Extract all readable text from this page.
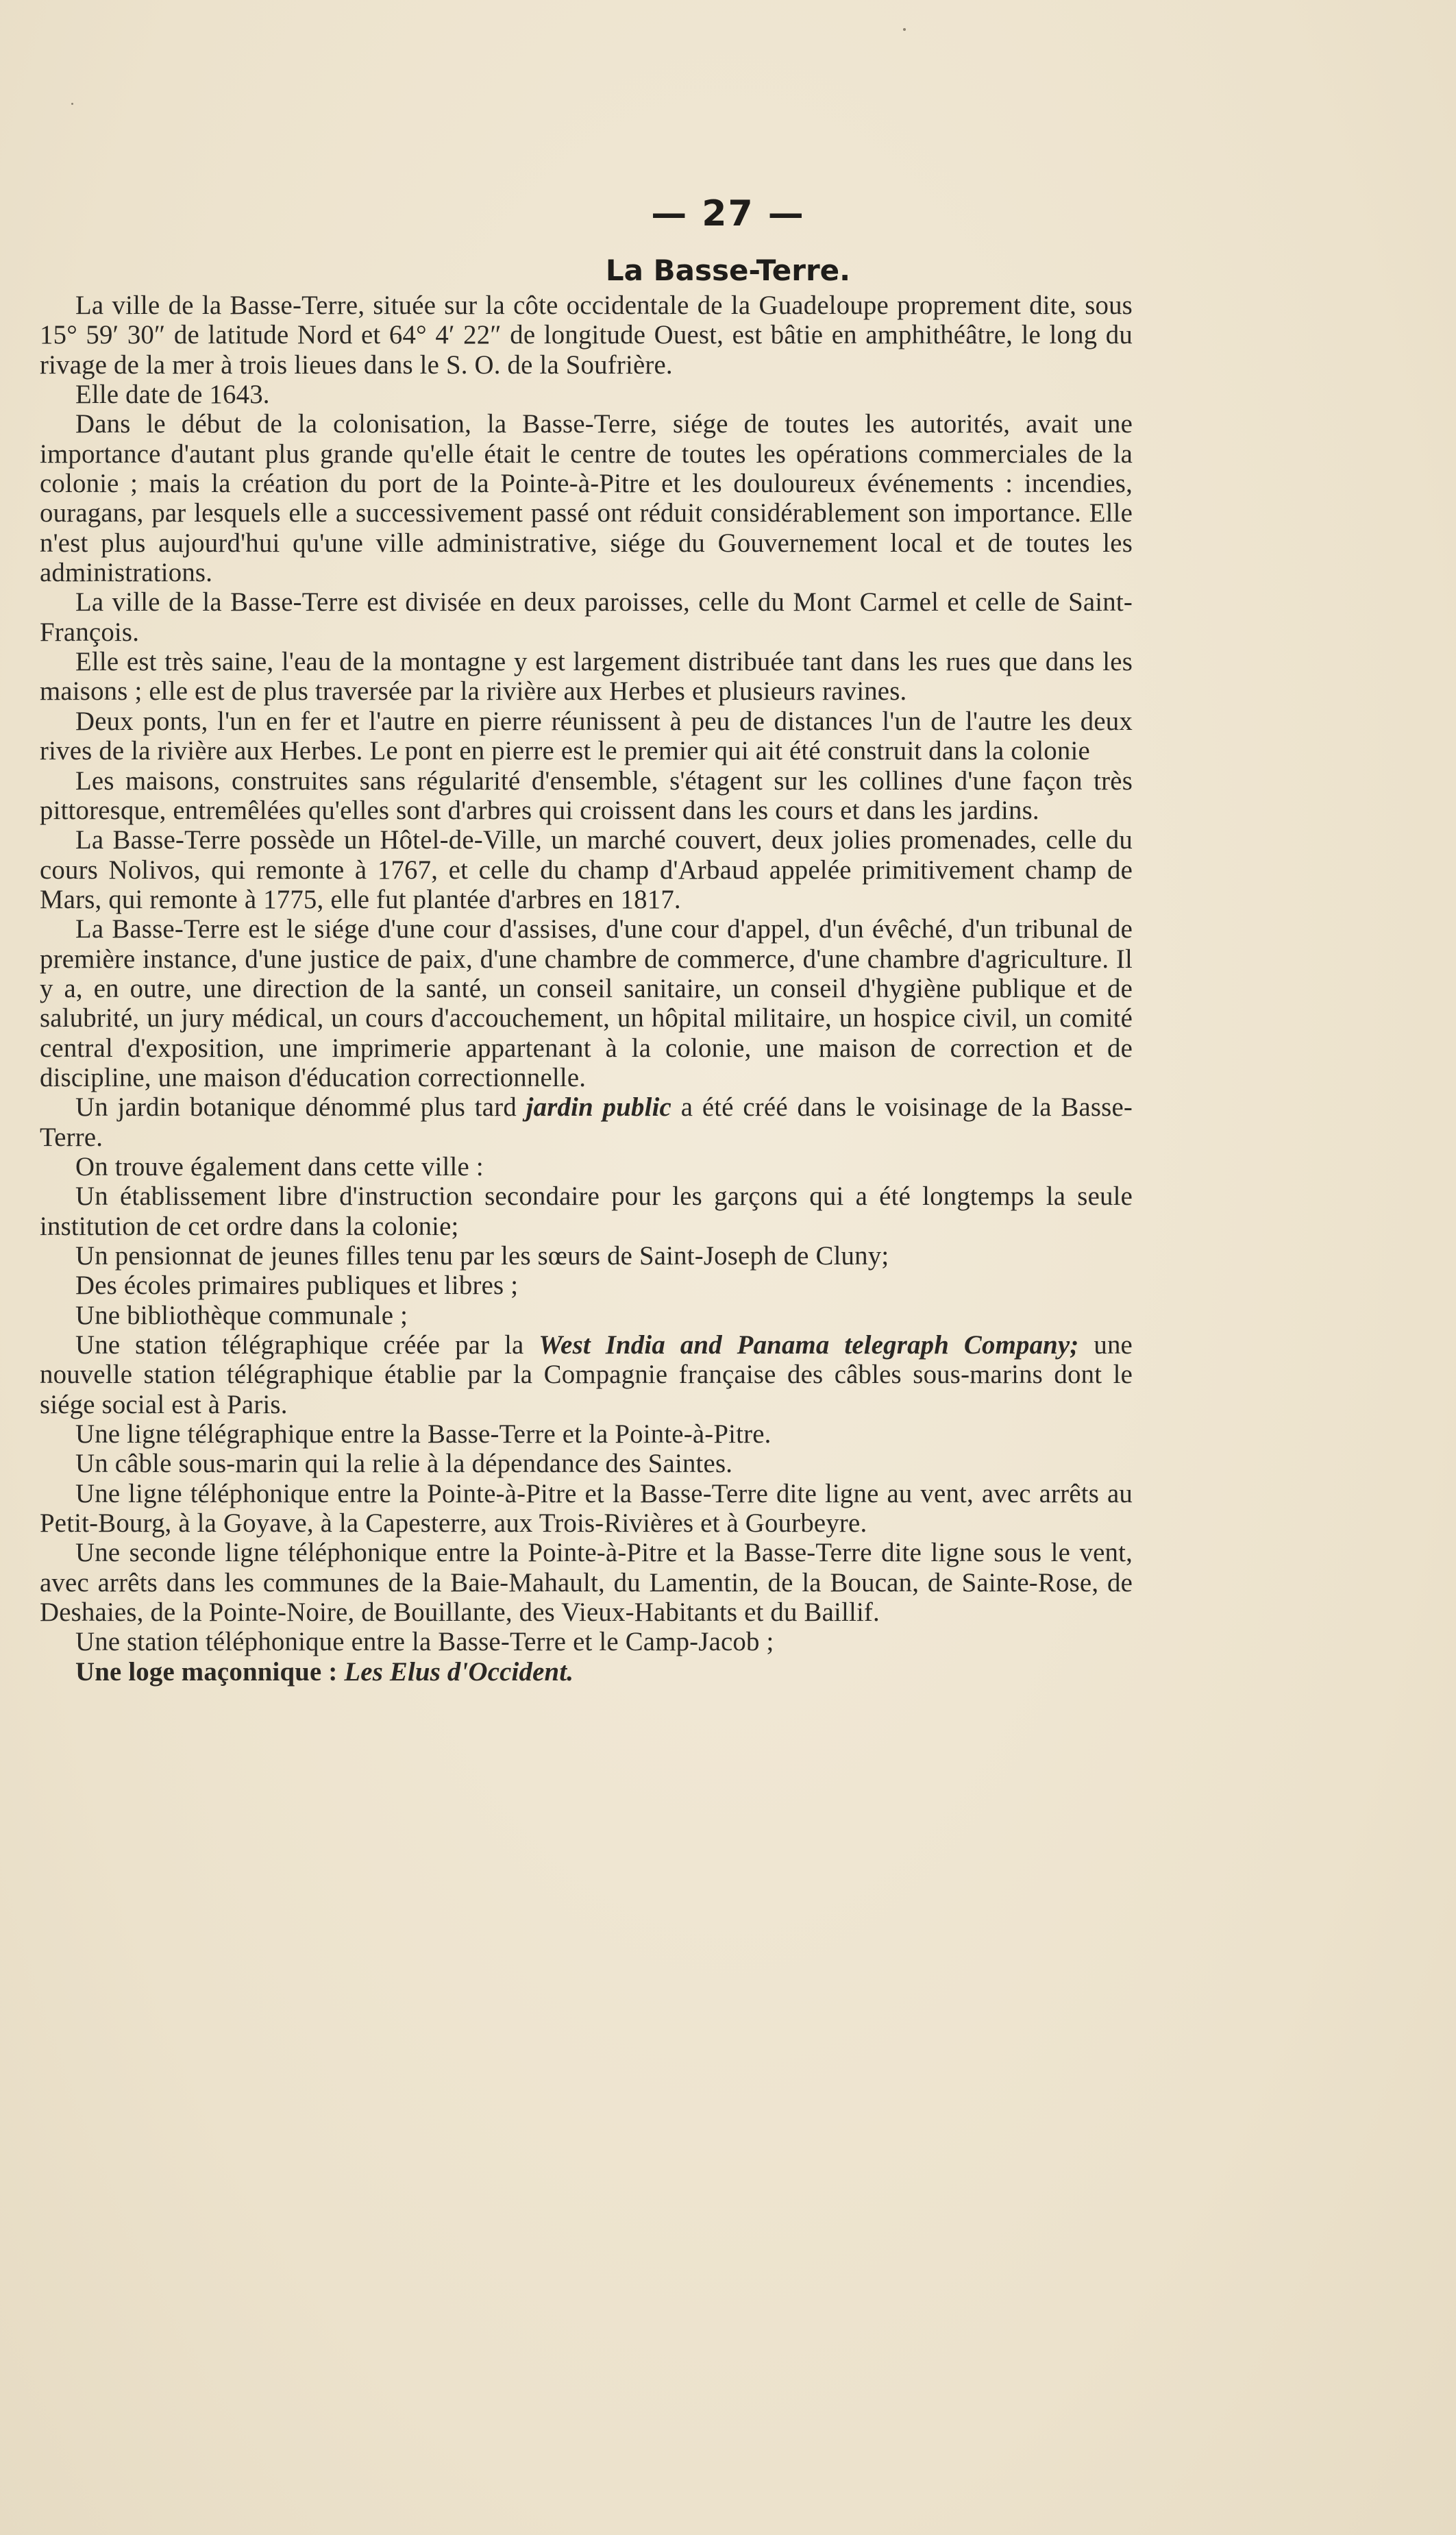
— 27 —
La Basse-Terre.

La ville de la Basse-Terre, située sur la côte occidentale de la Guadeloupe proprement dite, sous 15° 59′ 30″ de latitude Nord et 64° 4′ 22″ de longitude Ouest, est bâtie en amphithéâtre, le long du rivage de la mer à trois lieues dans le S. O. de la Soufrière.

Elle date de 1643.

Dans le début de la colonisation, la Basse-Terre, siége de toutes les autorités, avait une importance d'autant plus grande qu'elle était le centre de toutes les opérations commerciales de la colonie ; mais la création du port de la Pointe-à-Pitre et les douloureux événements : incendies, ouragans, par lesquels elle a successivement passé ont réduit considérablement son importance. Elle n'est plus aujourd'hui qu'une ville administrative, siége du Gouvernement local et de toutes les administrations.

La ville de la Basse-Terre est divisée en deux paroisses, celle du Mont Carmel et celle de Saint-François.

Elle est très saine, l'eau de la montagne y est largement distribuée tant dans les rues que dans les maisons ; elle est de plus traversée par la rivière aux Herbes et plusieurs ravines.

Deux ponts, l'un en fer et l'autre en pierre réunissent à peu de distances l'un de l'autre les deux rives de la rivière aux Herbes. Le pont en pierre est le premier qui ait été construit dans la colonie

Les maisons, construites sans régularité d'ensemble, s'étagent sur les collines d'une façon très pittoresque, entremêlées qu'elles sont d'arbres qui croissent dans les cours et dans les jardins.

La Basse-Terre possède un Hôtel-de-Ville, un marché couvert, deux jolies promenades, celle du cours Nolivos, qui remonte à 1767, et celle du champ d'Arbaud appelée primitivement champ de Mars, qui remonte à 1775, elle fut plantée d'arbres en 1817.

La Basse-Terre est le siége d'une cour d'assises, d'une cour d'appel, d'un évêché, d'un tribunal de première instance, d'une justice de paix, d'une chambre de commerce, d'une chambre d'agriculture. Il y a, en outre, une direction de la santé, un conseil sanitaire, un conseil d'hygiène publique et de salubrité, un jury médical, un cours d'accouchement, un hôpital militaire, un hospice civil, un comité central d'exposition, une imprimerie appartenant à la colonie, une maison de correction et de discipline, une maison d'éducation correctionnelle.

Un jardin botanique dénommé plus tard jardin public a été créé dans le voisinage de la Basse-Terre.

On trouve également dans cette ville :

Un établissement libre d'instruction secondaire pour les garçons qui a été longtemps la seule institution de cet ordre dans la colonie;

Un pensionnat de jeunes filles tenu par les sœurs de Saint-Joseph de Cluny;

Des écoles primaires publiques et libres ;

Une bibliothèque communale ;

Une station télégraphique créée par la West India and Panama telegraph Company; une nouvelle station télégraphique établie par la Compagnie française des câbles sous-marins dont le siége social est à Paris.

Une ligne télégraphique entre la Basse-Terre et la Pointe-à-Pitre.

Un câble sous-marin qui la relie à la dépendance des Saintes.

Une ligne téléphonique entre la Pointe-à-Pitre et la Basse-Terre dite ligne au vent, avec arrêts au Petit-Bourg, à la Goyave, à la Capesterre, aux Trois-Rivières et à Gourbeyre.

Une seconde ligne téléphonique entre la Pointe-à-Pitre et la Basse-Terre dite ligne sous le vent, avec arrêts dans les communes de la Baie-Mahault, du Lamentin, de la Boucan, de Sainte-Rose, de Deshaies, de la Pointe-Noire, de Bouillante, des Vieux-Habitants et du Baillif.

Une station téléphonique entre la Basse-Terre et le Camp-Jacob ;

Une loge maçonnique : Les Elus d'Occident.
